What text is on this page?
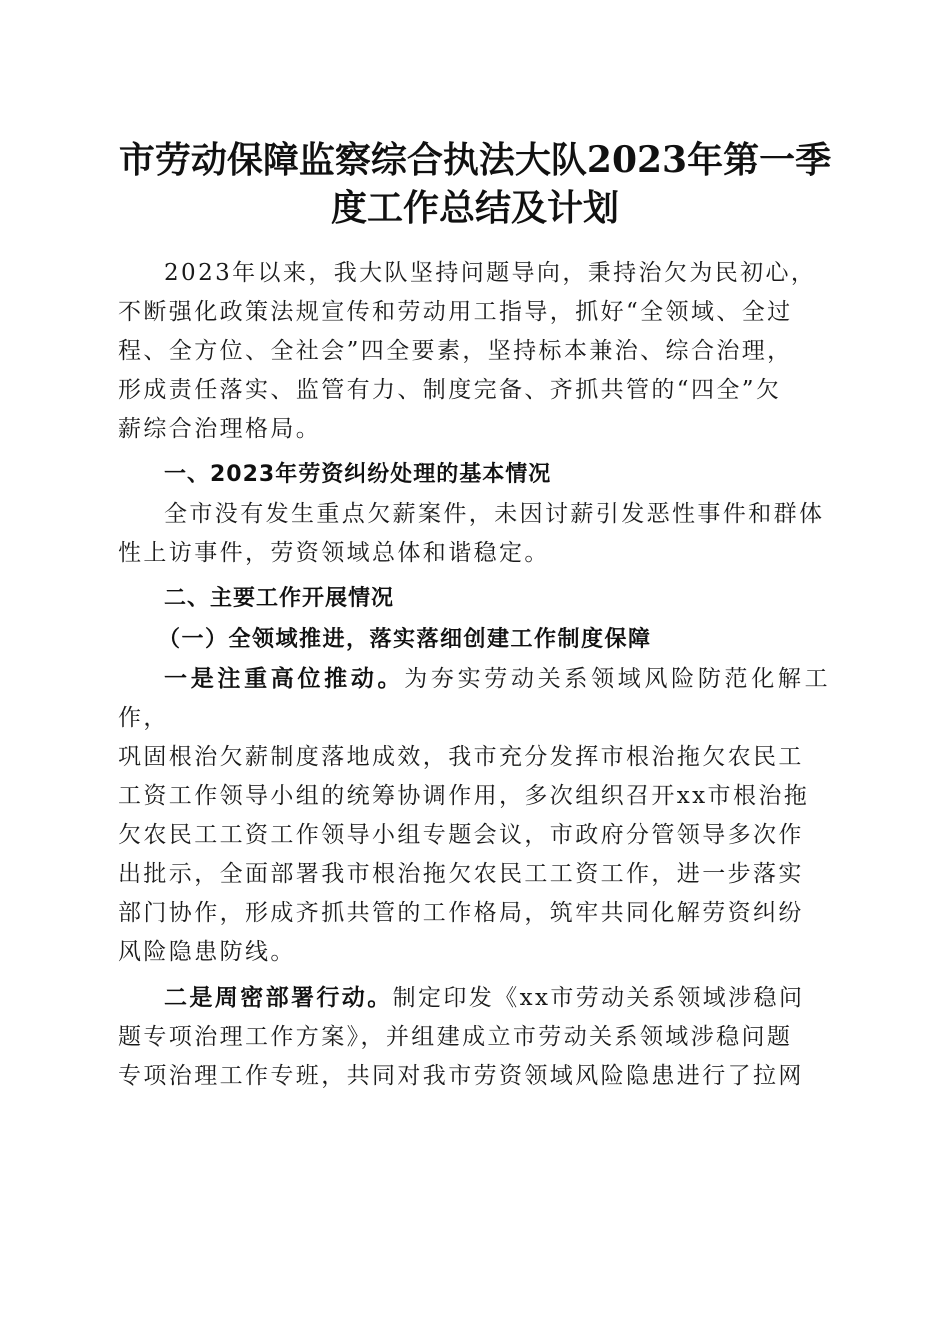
市劳动保障监察综合执法大队2023年第一季
度工作总结及计划

2023年以来，我大队坚持问题导向，秉持治欠为民初心，
不断强化政策法规宣传和劳动用工指导，抓好“全领域、全过
程、全方位、全社会”四全要素，坚持标本兼治、综合治理，
形成责任落实、监管有力、制度完备、齐抓共管的“四全”欠
薪综合治理格局。

一、2023年劳资纠纷处理的基本情况

全市没有发生重点欠薪案件，未因讨薪引发恶性事件和群体
性上访事件，劳资领域总体和谐稳定。

二、主要工作开展情况

（一）全领域推进，落实落细创建工作制度保障

一是注重高位推动。为夯实劳动关系领域风险防范化解工作，
巩固根治欠薪制度落地成效，我市充分发挥市根治拖欠农民工
工资工作领导小组的统筹协调作用，多次组织召开xx市根治拖
欠农民工工资工作领导小组专题会议，市政府分管领导多次作
出批示，全面部署我市根治拖欠农民工工资工作，进一步落实
部门协作，形成齐抓共管的工作格局，筑牢共同化解劳资纠纷
风险隐患防线。

二是周密部署行动。制定印发《xx市劳动关系领域涉稳问
题专项治理工作方案》，并组建成立市劳动关系领域涉稳问题
专项治理工作专班，共同对我市劳资领域风险隐患进行了拉网
